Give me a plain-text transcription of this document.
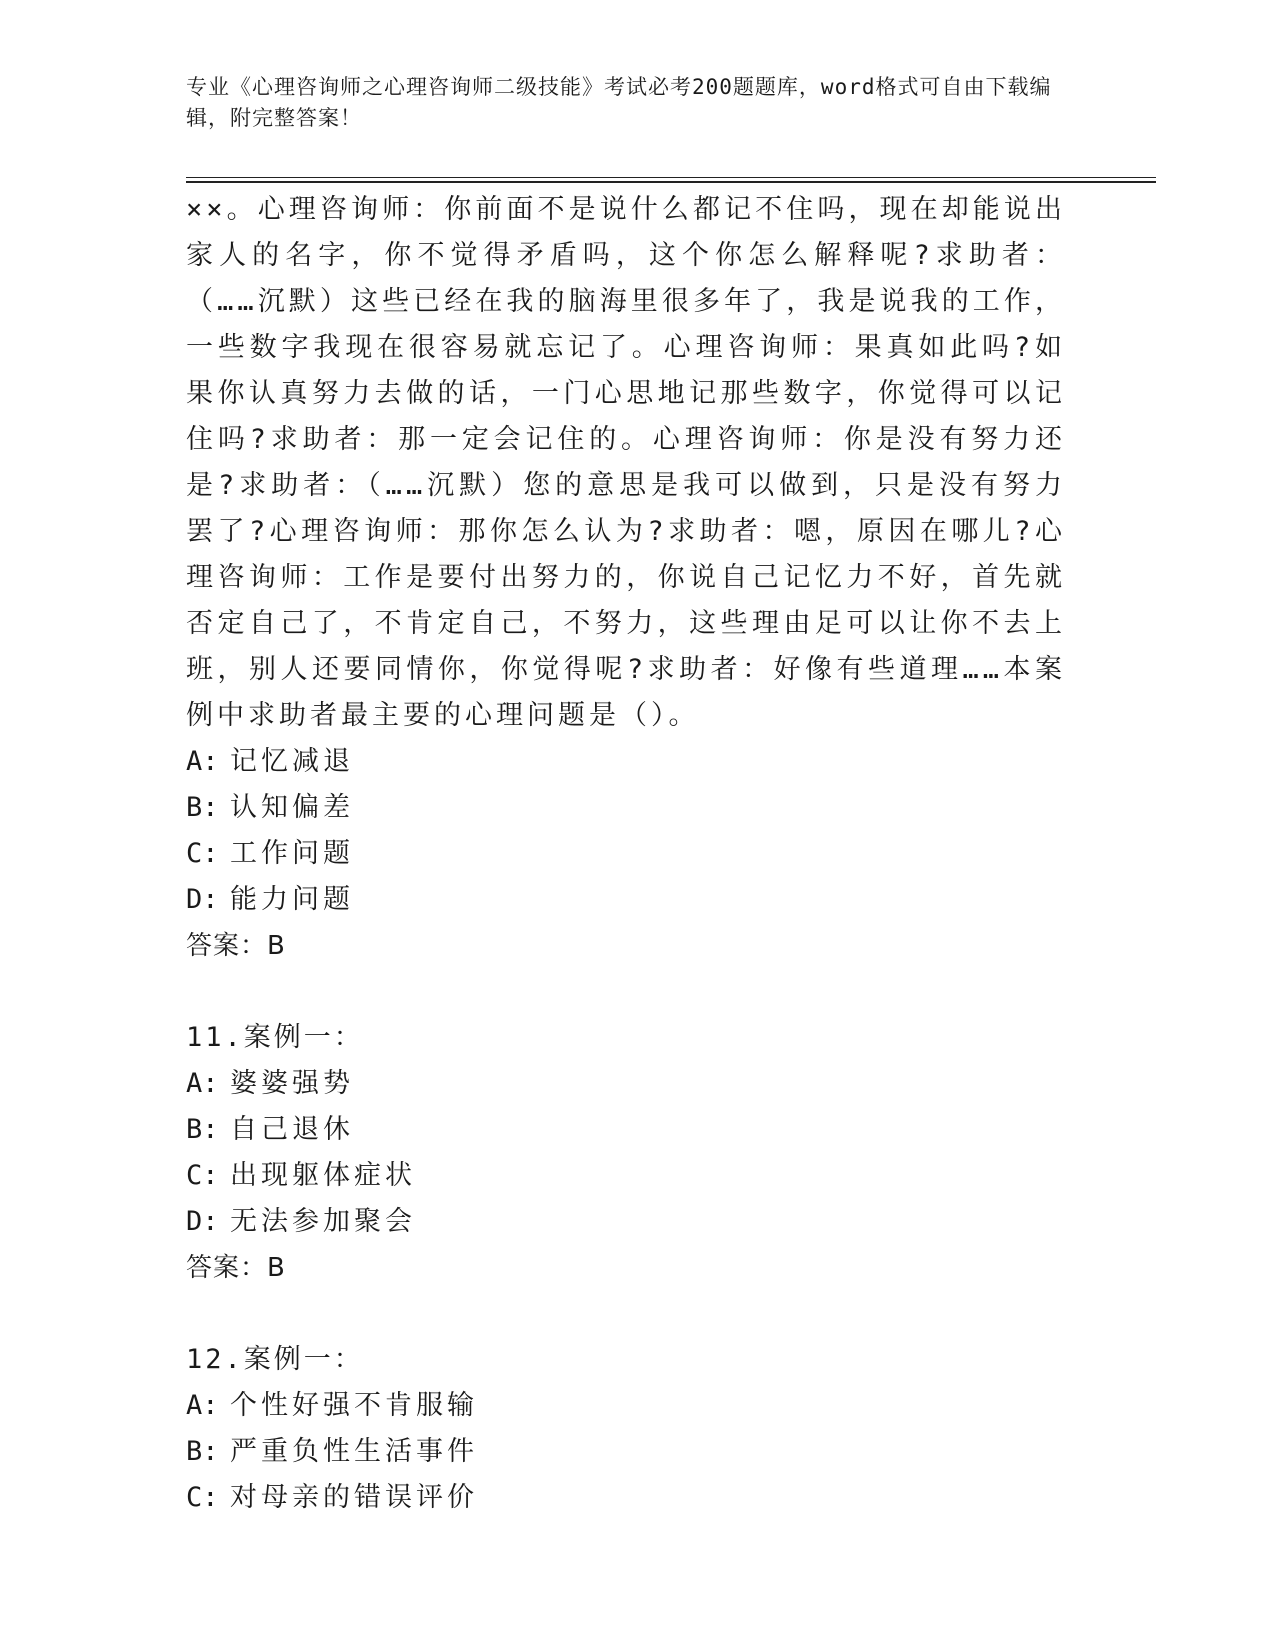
专业《心理咨询师之心理咨询师二级技能》考试必考200题题库，word格式可自由下载编辑，附完整答案！

××。心理咨询师：你前面不是说什么都记不住吗，现在却能说出家人的名字，你不觉得矛盾吗，这个你怎么解释呢?求助者：（……沉默）这些已经在我的脑海里很多年了，我是说我的工作，一些数字我现在很容易就忘记了。心理咨询师：果真如此吗?如果你认真努力去做的话，一门心思地记那些数字，你觉得可以记住吗?求助者：那一定会记住的。心理咨询师：你是没有努力还是?求助者：（……沉默）您的意思是我可以做到，只是没有努力罢了?心理咨询师：那你怎么认为?求助者：嗯，原因在哪儿?心理咨询师：工作是要付出努力的，你说自己记忆力不好，首先就否定自己了，不肯定自己，不努力，这些理由足可以让你不去上班，别人还要同情你，你觉得呢?求助者：好像有些道理……本案例中求助者最主要的心理问题是（）。

A: 记忆减退

B: 认知偏差

C: 工作问题

D: 能力问题

答案：B

11.案例一：

A: 婆婆强势

B: 自己退休

C: 出现躯体症状

D: 无法参加聚会

答案：B

12.案例一：

A: 个性好强不肯服输

B: 严重负性生活事件

C: 对母亲的错误评价
